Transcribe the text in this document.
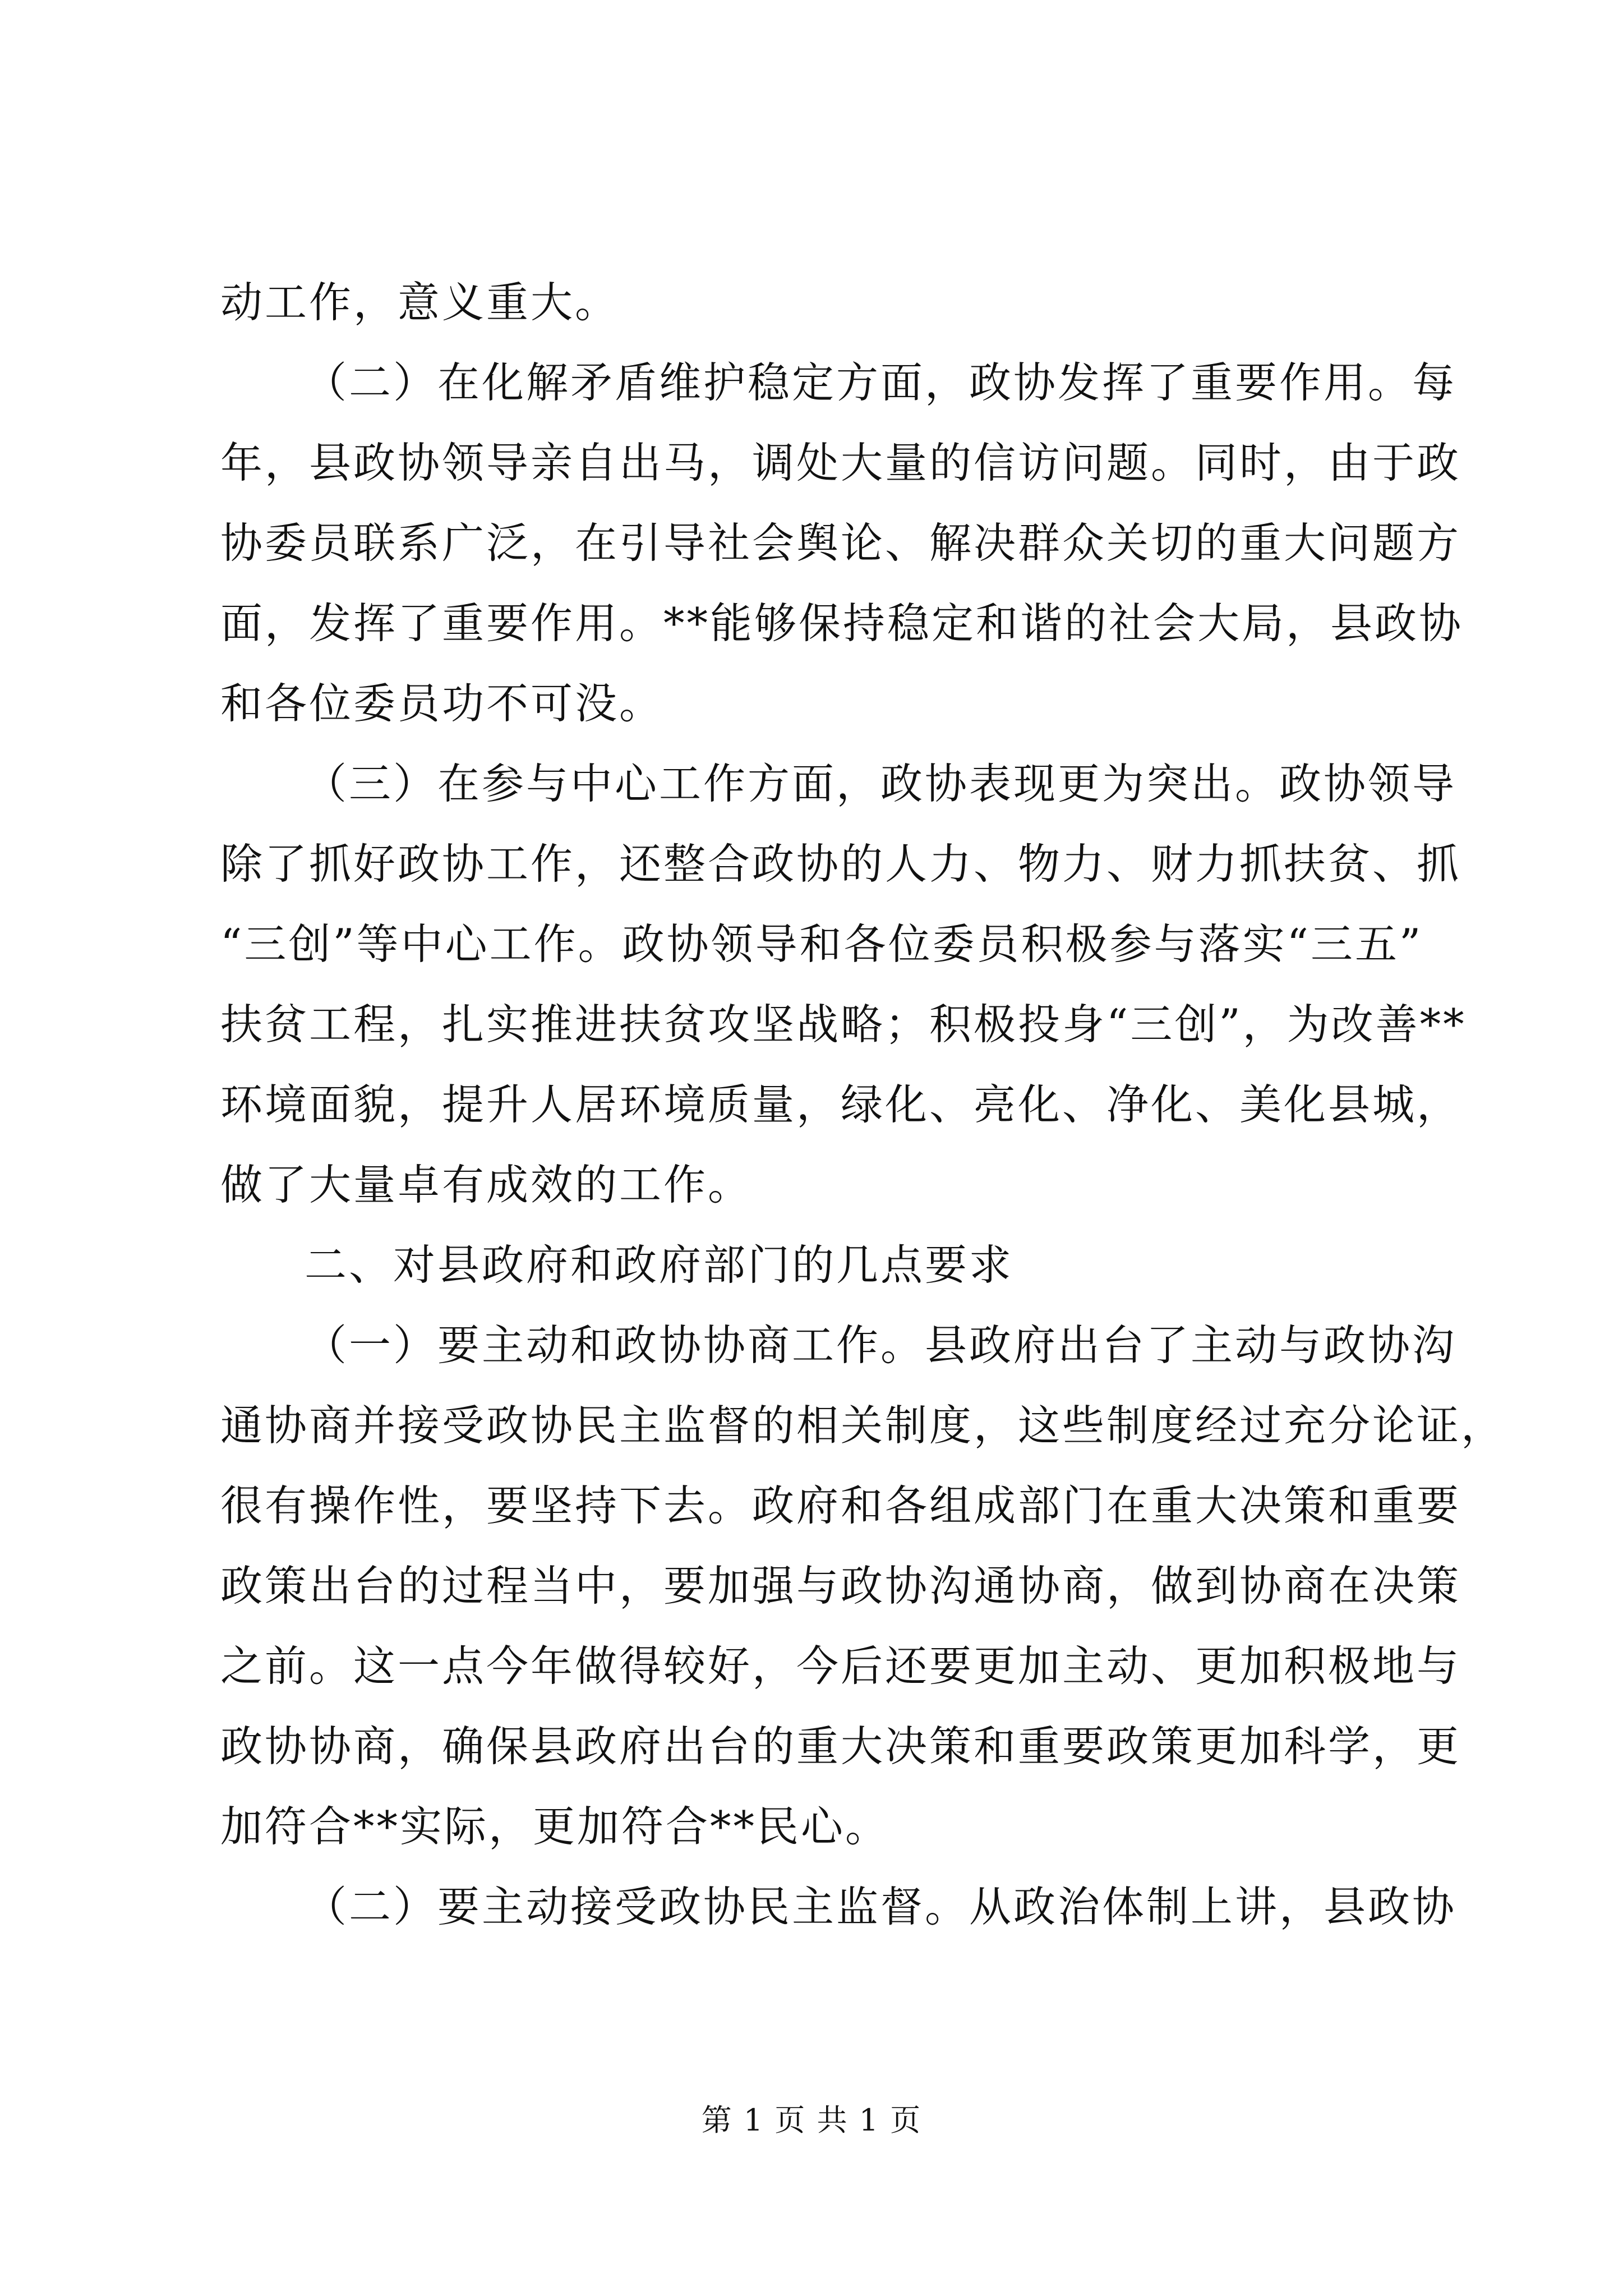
动工作，意义重大。
（二）在化解矛盾维护稳定方面，政协发挥了重要作用。每
年，县政协领导亲自出马，调处大量的信访问题。同时，由于政
协委员联系广泛，在引导社会舆论、解决群众关切的重大问题方
面，发挥了重要作用。**能够保持稳定和谐的社会大局，县政协
和各位委员功不可没。
（三）在参与中心工作方面，政协表现更为突出。政协领导
除了抓好政协工作，还整合政协的人力、物力、财力抓扶贫、抓
“三创”等中心工作。政协领导和各位委员积极参与落实“三五”
扶贫工程，扎实推进扶贫攻坚战略；积极投身“三创”，为改善**
环境面貌，提升人居环境质量，绿化、亮化、净化、美化县城，
做了大量卓有成效的工作。
二、对县政府和政府部门的几点要求
（一）要主动和政协协商工作。县政府出台了主动与政协沟
通协商并接受政协民主监督的相关制度，这些制度经过充分论证，
很有操作性，要坚持下去。政府和各组成部门在重大决策和重要
政策出台的过程当中，要加强与政协沟通协商，做到协商在决策
之前。这一点今年做得较好，今后还要更加主动、更加积极地与
政协协商，确保县政府出台的重大决策和重要政策更加科学，更
加符合**实际，更加符合**民心。
（二）要主动接受政协民主监督。从政治体制上讲，县政协
第 1 页 共 1 页
